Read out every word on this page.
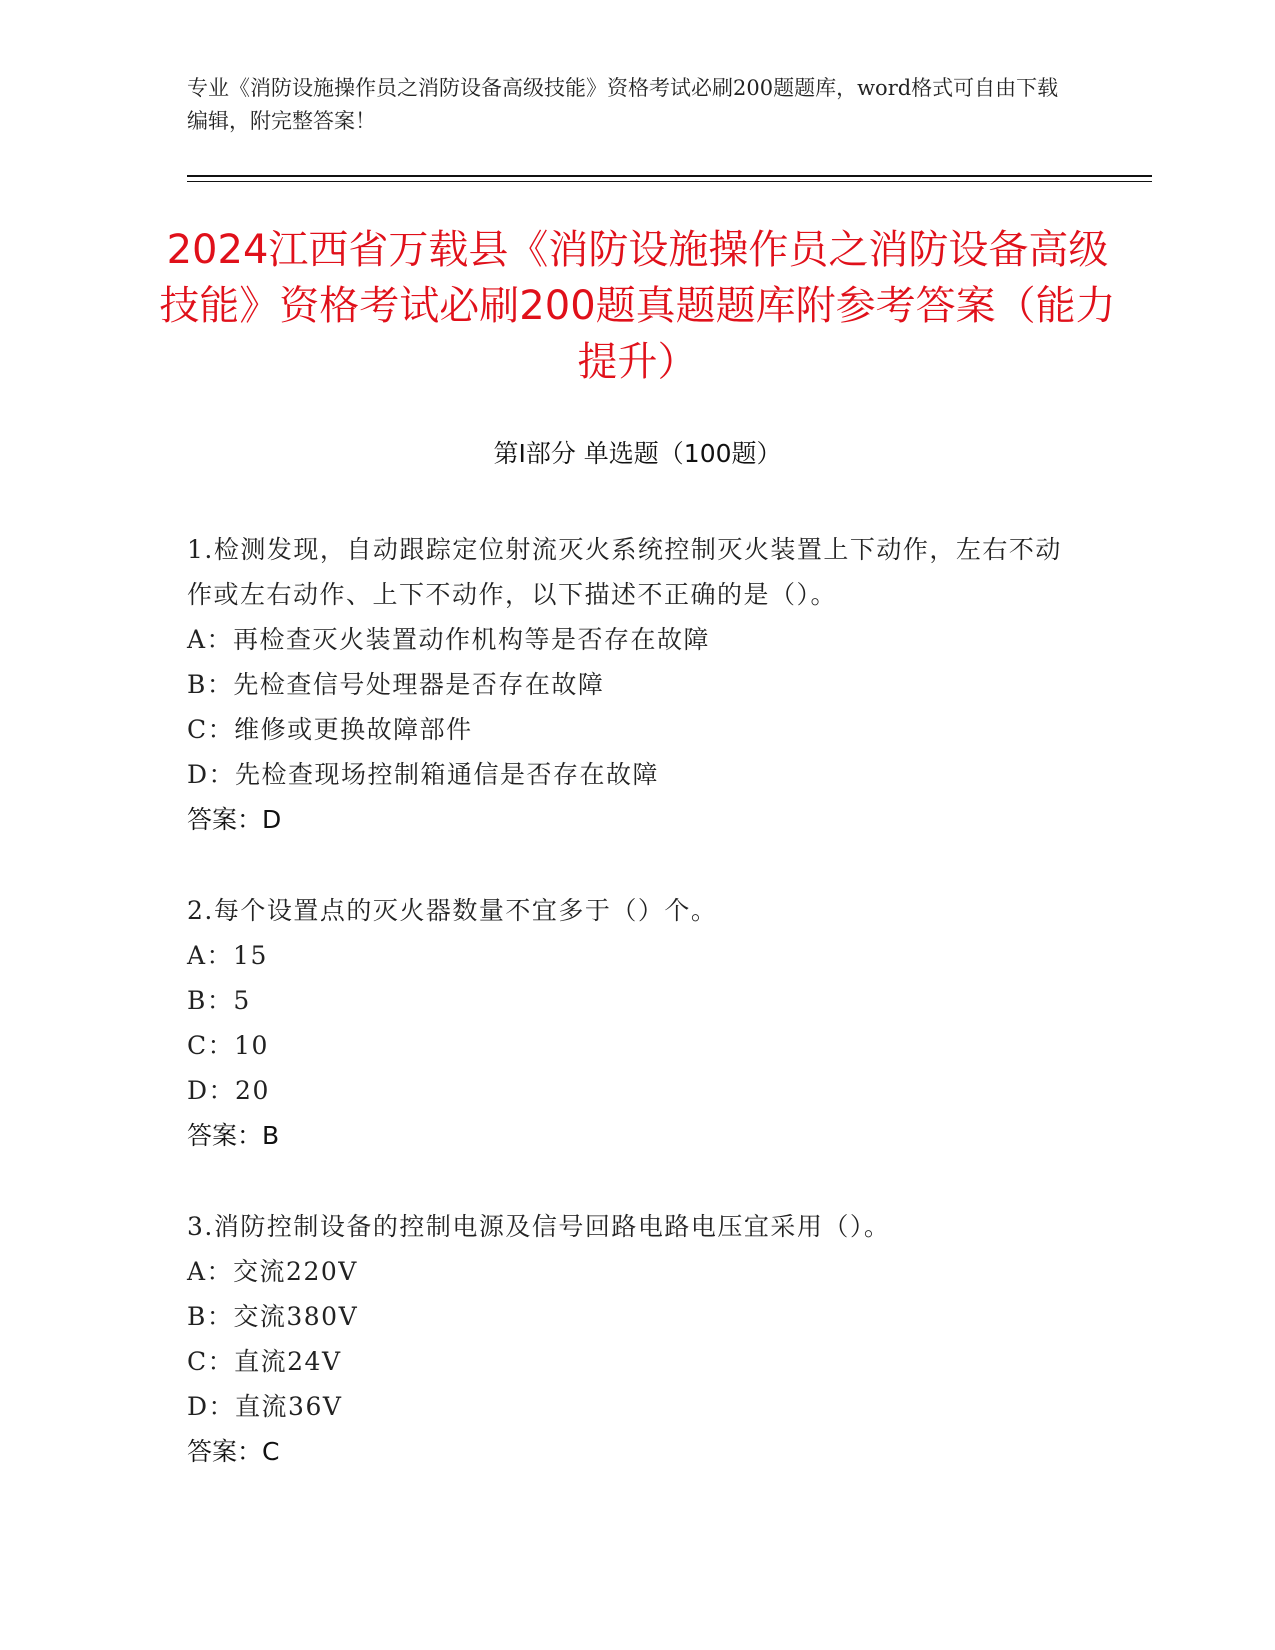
专业《消防设施操作员之消防设备高级技能》资格考试必刷200题题库，word格式可自由下载编辑，附完整答案！
2024江西省万载县《消防设施操作员之消防设备高级技能》资格考试必刷200题真题题库附参考答案（能力提升）
第Ⅰ部分 单选题（100题）
1.检测发现，自动跟踪定位射流灭火系统控制灭火装置上下动作，左右不动作或左右动作、上下不动作，以下描述不正确的是（）。
A：再检查灭火装置动作机构等是否存在故障
B：先检查信号处理器是否存在故障
C：维修或更换故障部件
D：先检查现场控制箱通信是否存在故障
答案：D
2.每个设置点的灭火器数量不宜多于（）个。
A：15
B：5
C：10
D：20
答案：B
3.消防控制设备的控制电源及信号回路电路电压宜采用（）。
A：交流220V
B：交流380V
C：直流24V
D：直流36V
答案：C
